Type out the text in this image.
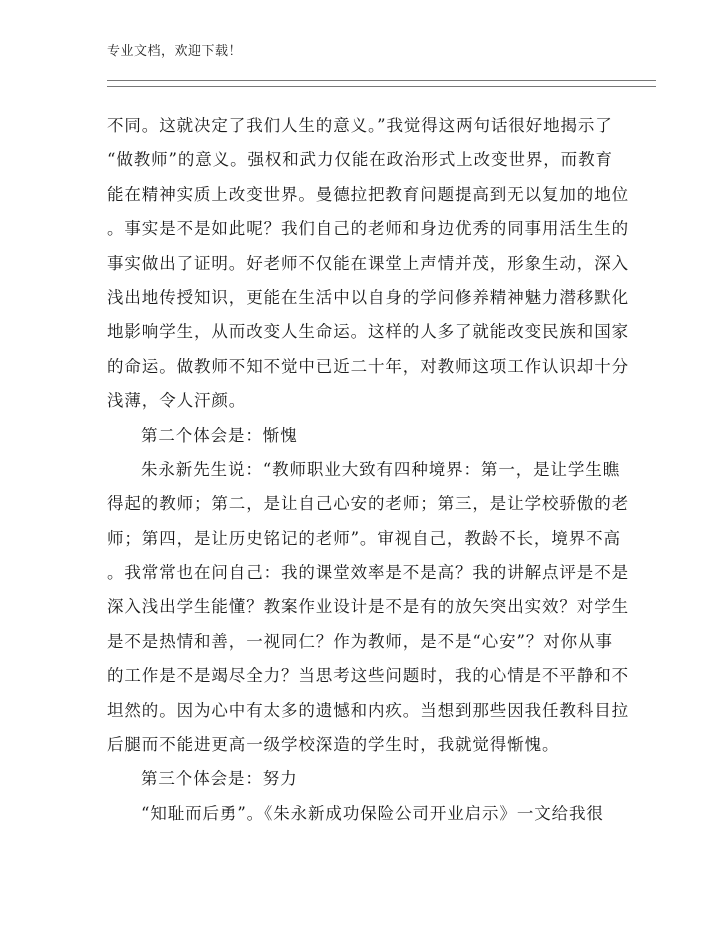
专业文档，欢迎下载！
不同。这就决定了我们人生的意义。”我觉得这两句话很好地揭示了
“做教师”的意义。强权和武力仅能在政治形式上改变世界，而教育
能在精神实质上改变世界。曼德拉把教育问题提高到无以复加的地位
。事实是不是如此呢？我们自己的老师和身边优秀的同事用活生生的
事实做出了证明。好老师不仅能在课堂上声情并茂，形象生动，深入
浅出地传授知识，更能在生活中以自身的学问修养精神魅力潜移默化
地影响学生，从而改变人生命运。这样的人多了就能改变民族和国家
的命运。做教师不知不觉中已近二十年，对教师这项工作认识却十分
浅薄，令人汗颜。
第二个体会是：惭愧
朱永新先生说：“教师职业大致有四种境界：第一，是让学生瞧
得起的教师；第二，是让自己心安的老师；第三，是让学校骄傲的老
师；第四，是让历史铭记的老师”。审视自己，教龄不长，境界不高
。我常常也在问自己：我的课堂效率是不是高？我的讲解点评是不是
深入浅出学生能懂？教案作业设计是不是有的放矢突出实效？对学生
是不是热情和善，一视同仁？作为教师，是不是“心安”？对你从事
的工作是不是竭尽全力？当思考这些问题时，我的心情是不平静和不
坦然的。因为心中有太多的遗憾和内疚。当想到那些因我任教科目拉
后腿而不能进更高一级学校深造的学生时，我就觉得惭愧。
第三个体会是：努力
“知耻而后勇”。《朱永新成功保险公司开业启示》一文给我很
